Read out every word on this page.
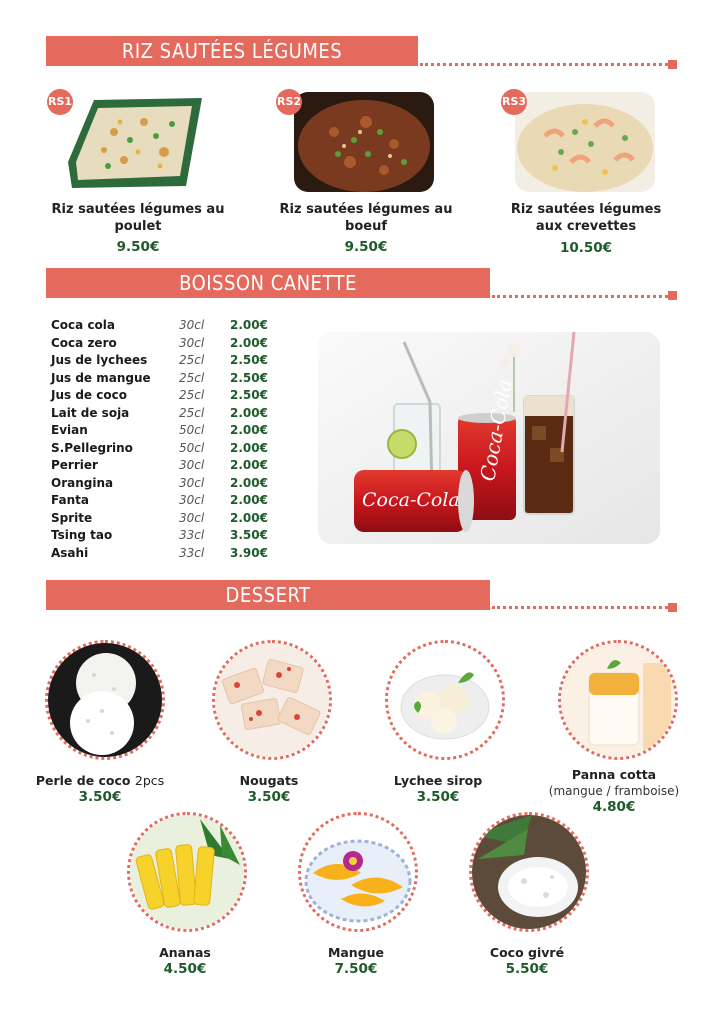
RIZ SAUTÉES LÉGUMES
RS1
Riz sautées légumes au poulet
9.50€
RS2
Riz sautées légumes au boeuf
9.50€
RS3
Riz sautées légumes
aux crevettes
10.50€
BOISSON CANETTE
Coca cola	30cl 2.00€
Coca zero	30cl 2.00€
Jus de lychees	25cl 2.50€
Jus de mangue 25cl 2.50€
Jus de coco	25cl 2.50€
Lait de soja	25cl 2.00€
Evian	50cl 2.00€
S.Pellegrino	50cl 2.00€
Perrier	30cl 2.00€
Orangina	30cl 2.00€
Fanta	30cl 2.00€
Sprite	30cl 2.00€
Tsing tao	33cl 3.50€
Asahi	33cl 3.90€
Coca-Cola
Coca-Cola
DESSERT
Perle de coco 2pcs
3.50€
Nougats
3.50€
Lychee sirop
3.50€
Panna cotta
(mangue / framboise)
4.80€
Ananas
4.50€
Mangue
7.50€
Coco givré
5.50€
